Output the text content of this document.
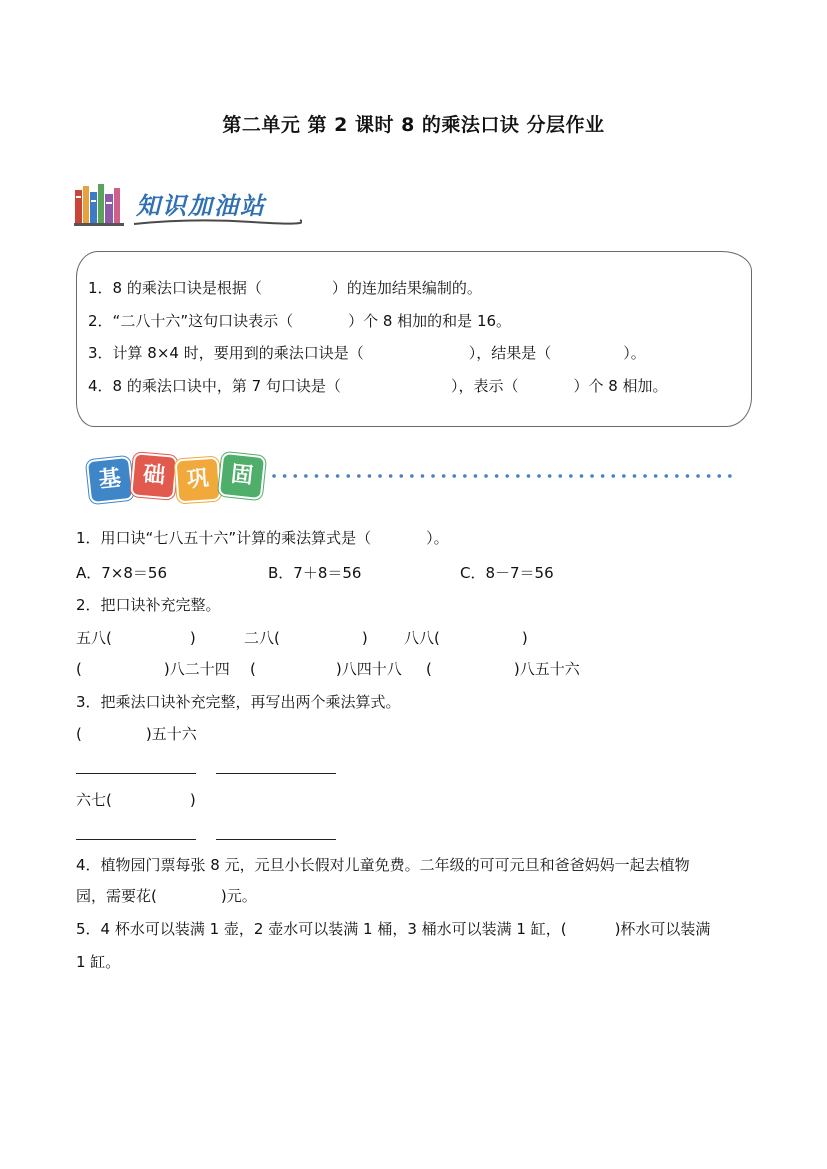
第二单元 第 2 课时 8 的乘法口诀 分层作业
知识加油站
1．8 的乘法口诀是根据（	）的连加结果编制的。
2．“二八十六”这句口诀表示（	）个 8 相加的和是 16。
3．计算 8×4 时，要用到的乘法口诀是（	），结果是（	）。
4．8 的乘法口诀中，第 7 句口诀是（	），表示（	）个 8 相加。
基 础 巩 固
1．用口诀“七八五十六”计算的乘法算式是（	）。
A．7×8＝56	B．7＋8＝56	C．8－7＝56
2．把口诀补充完整。
五八(	)	二八(	) 八八(	)
(	)八二十四 (	)八四十八 (	)八五十六
3．把乘法口诀补充完整，再写出两个乘法算式。
(	)五十六
六七(	)
4．植物园门票每张 8 元，元旦小长假对儿童免费。二年级的可可元旦和爸爸妈妈一起去植物
园，需要花(	)元。
5．4 杯水可以装满 1 壶，2 壶水可以装满 1 桶，3 桶水可以装满 1 缸，(	)杯水可以装满
1 缸。
